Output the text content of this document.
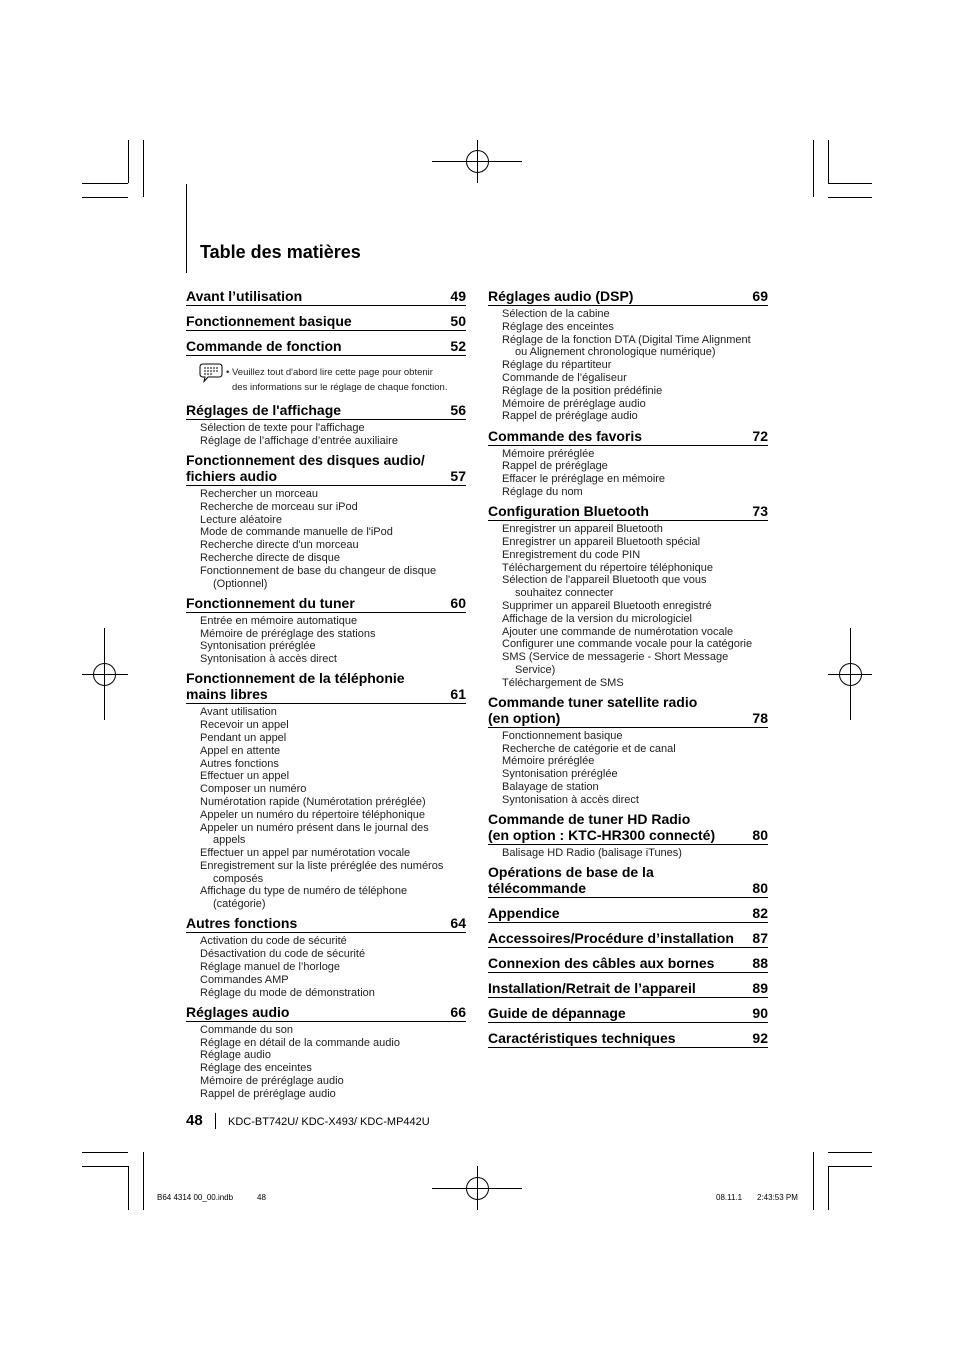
Table des matières
Avant l’utilisation	49
Fonctionnement basique	50
Commande de fonction	52
• Veuillez tout d'abord lire cette page pour obtenir
des informations sur le réglage de chaque fonction.
Réglages de l'affichage	56
Sélection de texte pour l'affichage
Réglage de l’affichage d’entrée auxiliaire
Fonctionnement des disques audio/
fichiers audio	57
Rechercher un morceau
Recherche de morceau sur iPod
Lecture aléatoire
Mode de commande manuelle de l'iPod
Recherche directe d'un morceau
Recherche directe de disque
Fonctionnement de base du changeur de disque
(Optionnel)
Fonctionnement du tuner	60
Entrée en mémoire automatique
Mémoire de préréglage des stations
Syntonisation préréglée
Syntonisation à accès direct
Fonctionnement de la téléphonie
mains libres	61
Avant utilisation
Recevoir un appel
Pendant un appel
Appel en attente
Autres fonctions
Effectuer un appel
Composer un numéro
Numérotation rapide (Numérotation préréglée)
Appeler un numéro du répertoire téléphonique
Appeler un numéro présent dans le journal des
appels
Effectuer un appel par numérotation vocale
Enregistrement sur la liste préréglée des numéros
composés
Affichage du type de numéro de téléphone
(catégorie)
Autres fonctions	64
Activation du code de sécurité
Désactivation du code de sécurité
Réglage manuel de l’horloge
Commandes AMP
Réglage du mode de démonstration
Réglages audio	66
Commande du son
Réglage en détail de la commande audio
Réglage audio
Réglage des enceintes
Mémoire de préréglage audio
Rappel de préréglage audio
Réglages audio (DSP)	69
Sélection de la cabine
Réglage des enceintes
Réglage de la fonction DTA (Digital Time Alignment
ou Alignement chronologique numérique)
Réglage du répartiteur
Commande de l’égaliseur
Réglage de la position prédéfinie
Mémoire de préréglage audio
Rappel de préréglage audio
Commande des favoris	72
Mémoire préréglée
Rappel de préréglage
Effacer le préréglage en mémoire
Réglage du nom
Configuration Bluetooth	73
Enregistrer un appareil Bluetooth
Enregistrer un appareil Bluetooth spécial
Enregistrement du code PIN
Téléchargement du répertoire téléphonique
Sélection de l'appareil Bluetooth que vous
souhaitez connecter
Supprimer un appareil Bluetooth enregistré
Affichage de la version du micrologiciel
Ajouter une commande de numérotation vocale
Configurer une commande vocale pour la catégorie
SMS (Service de messagerie - Short Message
Service)
Téléchargement de SMS
Commande tuner satellite radio
(en option)	78
Fonctionnement basique
Recherche de catégorie et de canal
Mémoire préréglée
Syntonisation préréglée
Balayage de station
Syntonisation à accès direct
Commande de tuner HD Radio
(en option : KTC-HR300 connecté)	80
Balisage HD Radio (balisage iTunes)
Opérations de base de la
télécommande	80
Appendice	82
Accessoires/Procédure d’installation	87
Connexion des câbles aux bornes	88
Installation/Retrait de l’appareil	89
Guide de dépannage	90
Caractéristiques techniques	92
48 KDC-BT742U/ KDC-X493/ KDC-MP442U
B64 4314 00_00.indb	48	08.11.1 2:43:53 PM
